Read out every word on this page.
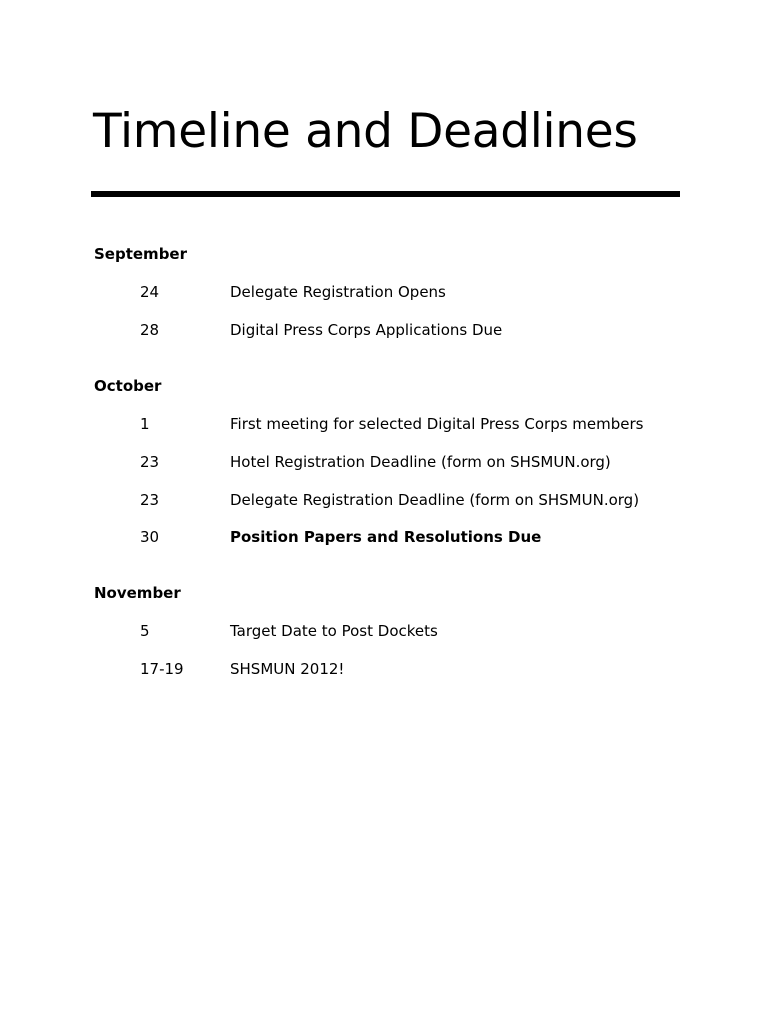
Timeline and Deadlines
September
24	Delegate Registration Opens
28	Digital Press Corps Applications Due
October
1	First meeting for selected Digital Press Corps members
23	Hotel Registration Deadline (form on SHSMUN.org)
23	Delegate Registration Deadline (form on SHSMUN.org)
30	Position Papers and Resolutions Due
November
5	Target Date to Post Dockets
17-19	SHSMUN 2012!
